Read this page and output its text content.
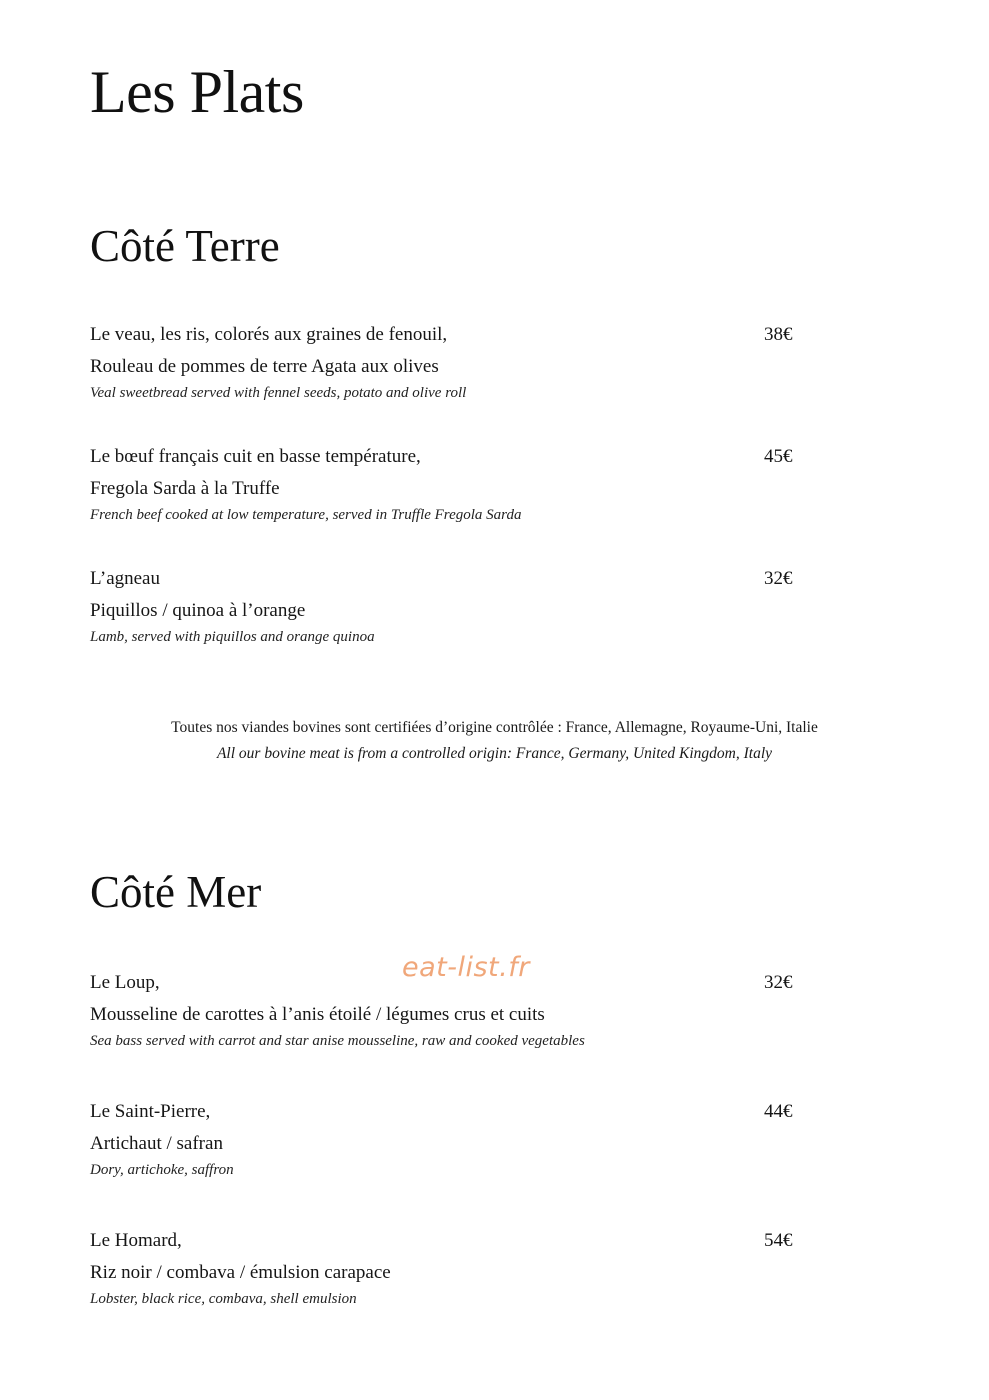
Les Plats
Côté Terre
Le veau, les ris, colorés aux graines de fenouil,	38€
Rouleau de pommes de terre Agata aux olives
Veal sweetbread served with fennel seeds, potato and olive roll
Le bœuf français cuit en basse température,	45€
Fregola Sarda à la Truffe
French beef cooked at low temperature, served in Truffle Fregola Sarda
L’agneau	32€
Piquillos / quinoa à l’orange
Lamb, served with piquillos and orange quinoa
Toutes nos viandes bovines sont certifiées d’origine contrôlée : France, Allemagne, Royaume-Uni, Italie
All our bovine meat is from a controlled origin: France, Germany, United Kingdom, Italy
Côté Mer
eat-list.fr
Le Loup,	32€
Mousseline de carottes à l’anis étoilé / légumes crus et cuits
Sea bass served with carrot and star anise mousseline, raw and cooked vegetables
Le Saint-Pierre,	44€
Artichaut / safran
Dory, artichoke, saffron
Le Homard,	54€
Riz noir / combava / émulsion carapace
Lobster, black rice, combava, shell emulsion
